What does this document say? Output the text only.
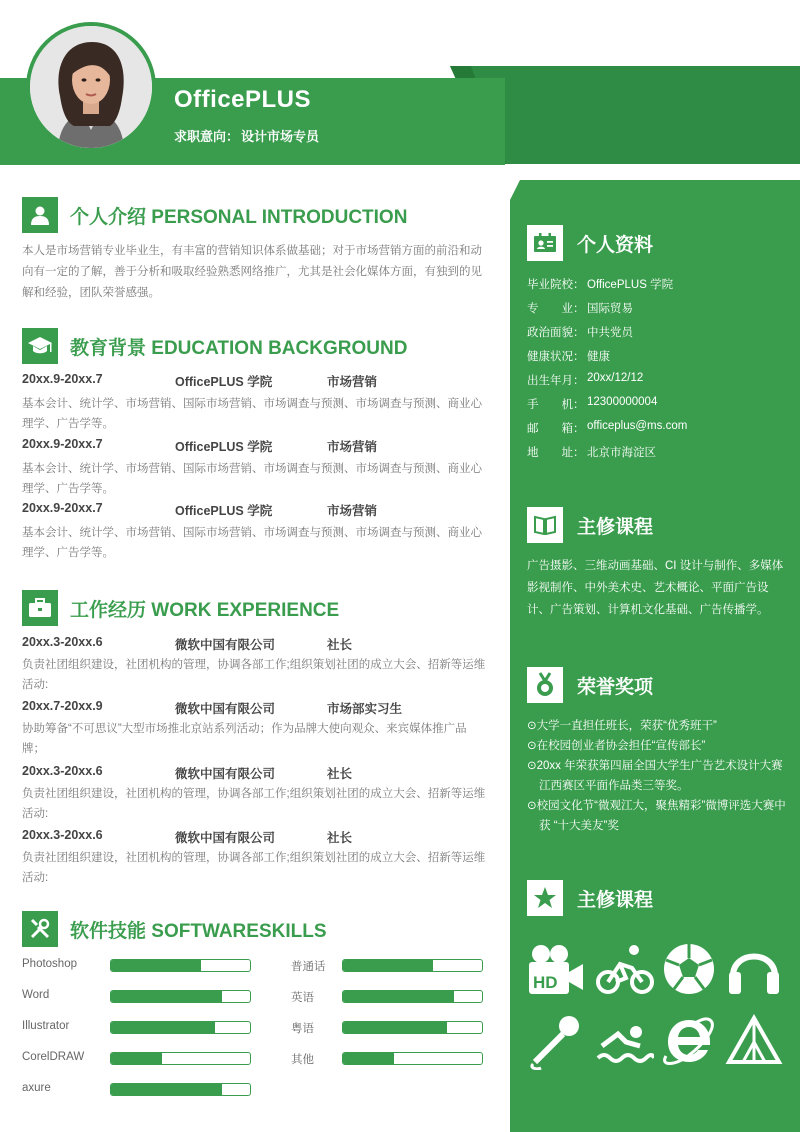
OfficePLUS
求职意向： 设计市场专员
个人介绍 PERSONAL INTRODUCTION
本人是市场营销专业毕业生，有丰富的营销知识体系做基础；对于市场营销方面的前沿和动向有一定的了解，善于分析和吸取经验熟悉网络推广，尤其是社会化媒体方面，有独到的见解和经验，团队荣誉感强。
教育背景 EDUCATION BACKGROUND
20xx.9-20xx.7	OfficePLUS 学院	市场营销
基本会计、统计学、市场营销、国际市场营销、市场调查与预测、市场调查与预测、商业心理学、广告学等。
20xx.9-20xx.7	OfficePLUS 学院	市场营销
基本会计、统计学、市场营销、国际市场营销、市场调查与预测、市场调查与预测、商业心理学、广告学等。
20xx.9-20xx.7	OfficePLUS 学院	市场营销
基本会计、统计学、市场营销、国际市场营销、市场调查与预测、市场调查与预测、商业心理学、广告学等。
工作经历 WORK EXPERIENCE
20xx.3-20xx.6	微软中国有限公司	社长
负责社团组织建设，社团机构的管理，协调各部工作;组织策划社团的成立大会、招新等运维活动:
20xx.7-20xx.9	微软中国有限公司	市场部实习生
协助筹备“不可思议”大型市场推北京站系列活动；作为品牌大使向观众、来宾媒体推广品牌；
20xx.3-20xx.6	微软中国有限公司	社长
负责社团组织建设，社团机构的管理，协调各部工作;组织策划社团的成立大会、招新等运维活动:
20xx.3-20xx.6	微软中国有限公司	社长
负责社团组织建设，社团机构的管理，协调各部工作;组织策划社团的成立大会、招新等运维活动:
软件技能 SOFTWARESKILLS
Photoshop
Word
Illustrator
CorelDRAW
axure
普通话
英语
粤语
其他
个人资料
毕业院校： OfficePLUS 学院
专　　业： 国际贸易
政治面貌： 中共党员
健康状况： 健康
出生年月： 20xx/12/12
手　　机： 12300000004
邮　　箱： officeplus@ms.com
地　　址： 北京市海淀区
主修课程
广告摄影、三维动画基础、CI 设计与制作、多媒体影视制作、中外美术史、艺术概论、平面广告设计、广告策划、计算机文化基础、广告传播学。
荣誉奖项
⊙大学一直担任班长，荣获“优秀班干”
⊙在校园创业者协会担任“宣传部长”
⊙20xx 年荣获第四届全国大学生广告艺术设计大赛江西赛区平面作品类三等奖。
⊙校园文化节“微观江大，聚焦精彩”微博评选大赛中获 “十大美友”奖
主修课程
HD
